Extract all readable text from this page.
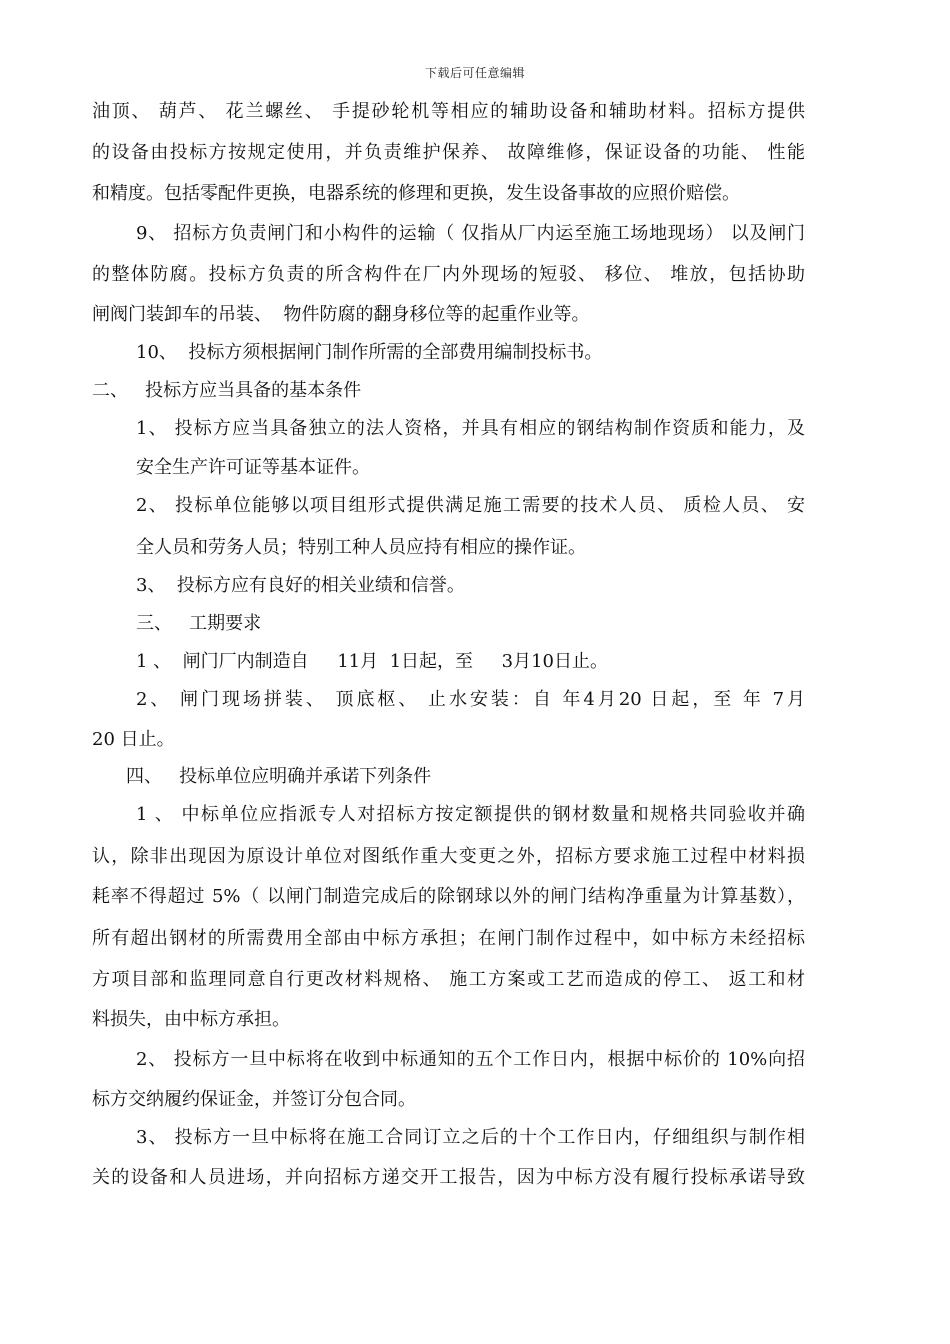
下载后可任意编辑
油顶、 葫芦、 花兰螺丝、 手提砂轮机等相应的辅助设备和辅助材料。招标方提供
的设备由投标方按规定使用，并负责维护保养、 故障维修，保证设备的功能、 性能
和精度。包括零配件更换，电器系统的修理和更换，发生设备事故的应照价赔偿。
9、 招标方负责闸门和小构件的运输（ 仅指从厂内运至施工场地现场） 以及闸门
的整体防腐。投标方负责的所含构件在厂内外现场的短驳、 移位、 堆放，包括协助
闸阀门装卸车的吊装、  物件防腐的翻身移位等的起重作业等。
10、  投标方须根据闸门制作所需的全部费用编制投标书。
二、   投标方应当具备的基本条件
1、 投标方应当具备独立的法人资格，并具有相应的钢结构制作资质和能力，及
安全生产许可证等基本证件。
2、 投标单位能够以项目组形式提供满足施工需要的技术人员、 质检人员、 安
全人员和劳务人员；特别工种人员应持有相应的操作证。
3、  投标方应有良好的相关业绩和信誉。
三、   工期要求
1 、  闸门厂内制造自     11月  1日起，至     3月10日止。
2、 闸门现场拼装、 顶底枢、 止水安装：自 年4月20 日起，至 年 7月
20 日止。
四、   投标单位应明确并承诺下列条件
1 、 中标单位应指派专人对招标方按定额提供的钢材数量和规格共同验收并确
认，除非出现因为原设计单位对图纸作重大变更之外，招标方要求施工过程中材料损
耗率不得超过 5%（ 以闸门制造完成后的除钢球以外的闸门结构净重量为计算基数），
所有超出钢材的所需费用全部由中标方承担；在闸门制作过程中，如中标方未经招标
方项目部和监理同意自行更改材料规格、 施工方案或工艺而造成的停工、 返工和材
料损失，由中标方承担。
2、 投标方一旦中标将在收到中标通知的五个工作日内，根据中标价的 10%向招
标方交纳履约保证金，并签订分包合同。
3、 投标方一旦中标将在施工合同订立之后的十个工作日内，仔细组织与制作相
关的设备和人员进场，并向招标方递交开工报告，因为中标方没有履行投标承诺导致
